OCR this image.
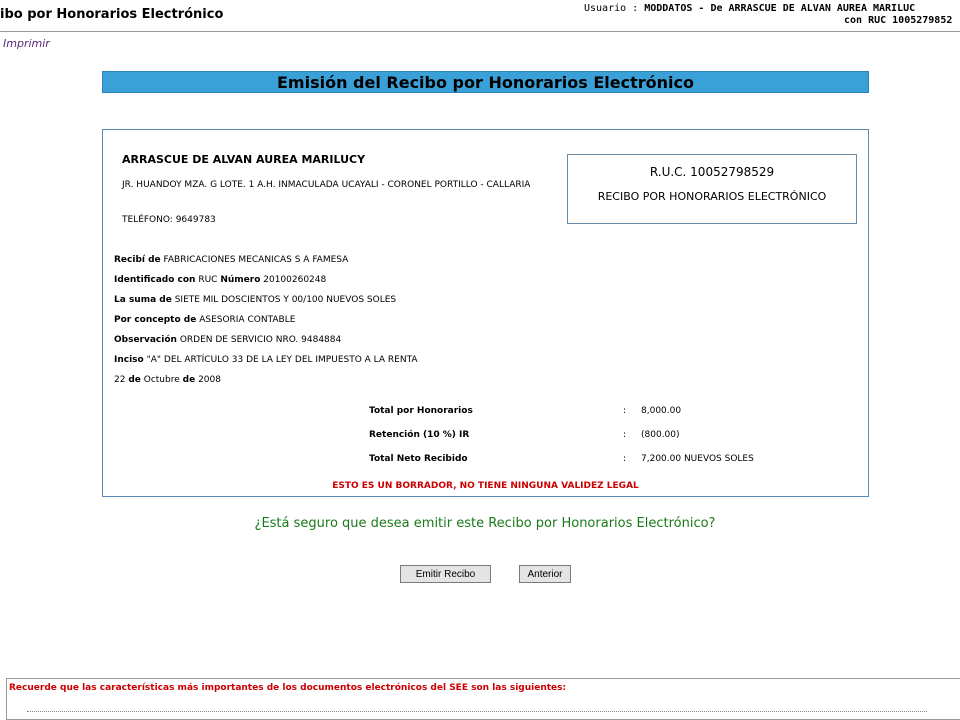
ibo por Honorarios Electrónico	Usuario : MODDATOS - De ARRASCUE DE ALVAN AUREA MARILUC
con RUC 1005279852
Imprimir
Emisión del Recibo por Honorarios Electrónico
ARRASCUE DE ALVAN AUREA MARILUCY
JR. HUANDOY MZA. G LOTE. 1 A.H. INMACULADA UCAYALI - CORONEL PORTILLO - CALLARIA
TELÉFONO: 9649783
R.U.C. 10052798529
RECIBO POR HONORARIOS ELECTRÓNICO
Recibí de FABRICACIONES MECANICAS S A FAMESA
Identificado con RUC Número 20100260248
La suma de SIETE MIL DOSCIENTOS Y 00/100 NUEVOS SOLES
Por concepto de ASESORIA CONTABLE
Observación ORDEN DE SERVICIO NRO. 9484884
Inciso "A" DEL ARTÍCULO 33 DE LA LEY DEL IMPUESTO A LA RENTA
22 de Octubre de 2008
Total por Honorarios	: 8,000.00
Retención (10 %) IR	: (800.00)
Total Neto Recibido	: 7,200.00 NUEVOS SOLES
ESTO ES UN BORRADOR, NO TIENE NINGUNA VALIDEZ LEGAL
¿Está seguro que desea emitir este Recibo por Honorarios Electrónico?
Emitir Recibo	Anterior
Recuerde que las características más importantes de los documentos electrónicos del SEE son las siguientes:
